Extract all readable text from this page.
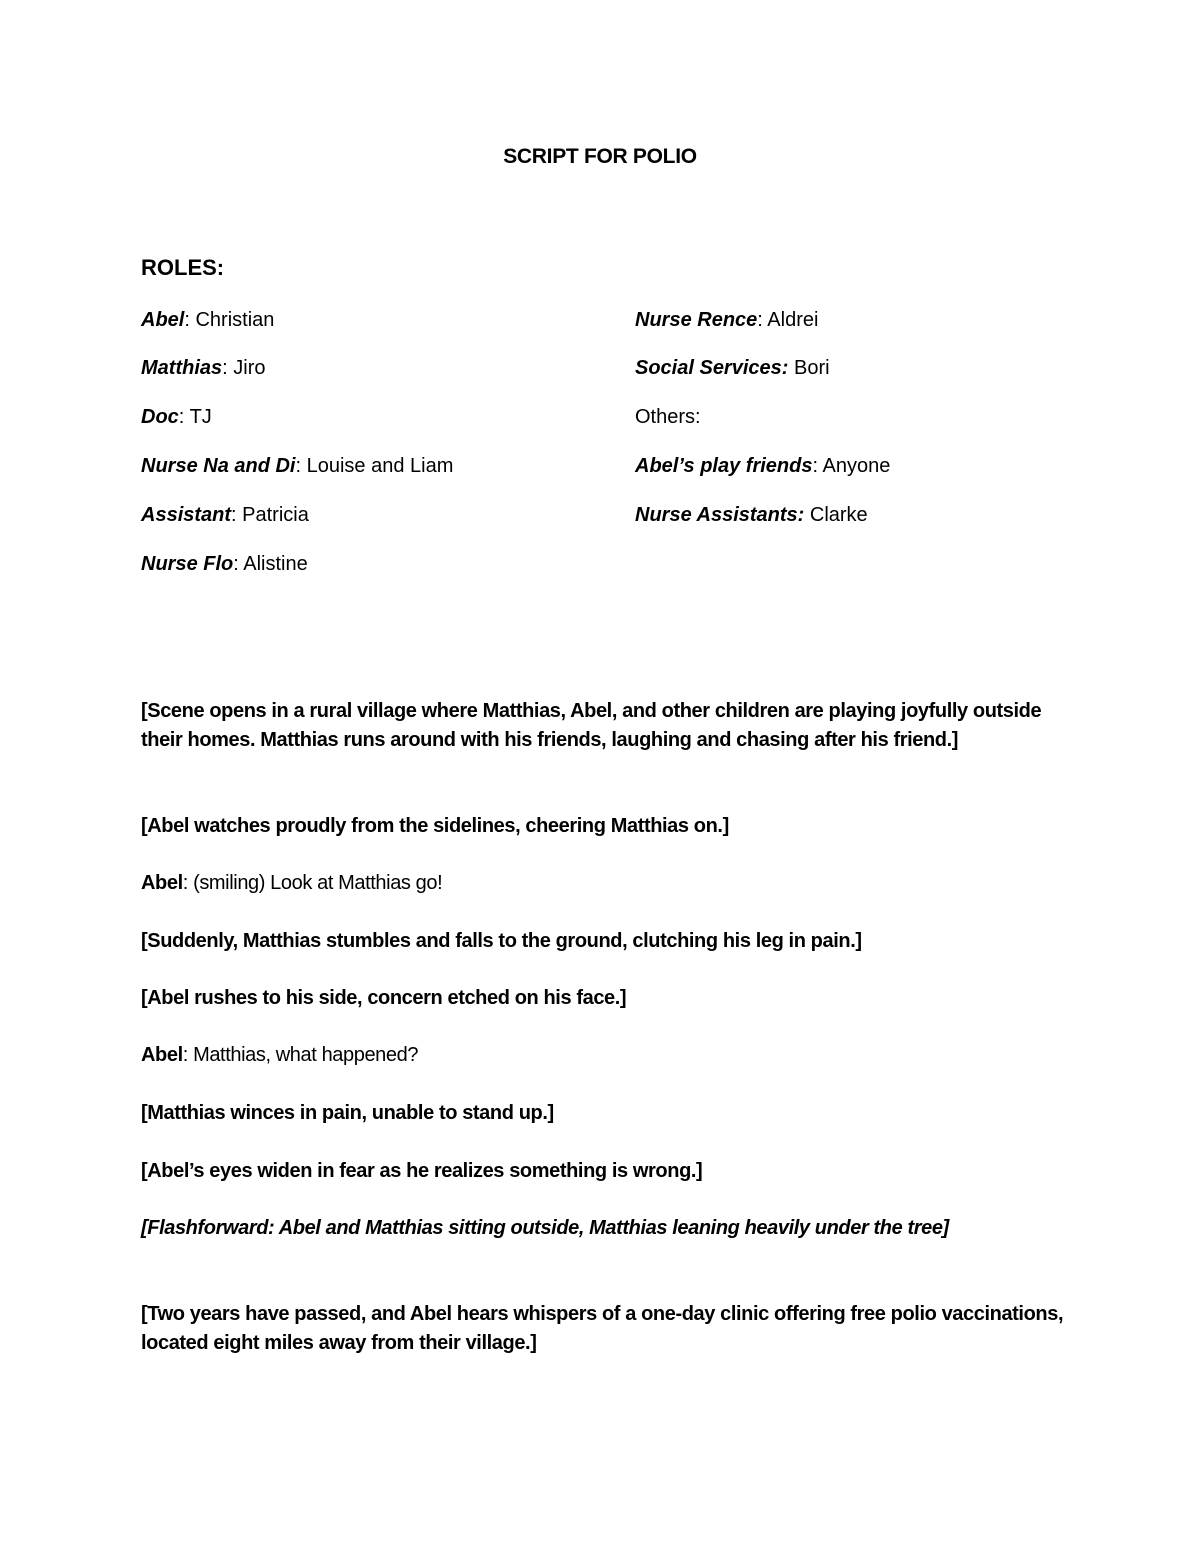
SCRIPT FOR POLIO
ROLES:
Abel: Christian
Matthias: Jiro
Doc: TJ
Nurse Na and Di: Louise and Liam
Assistant: Patricia
Nurse Flo: Alistine
Nurse Rence: Aldrei
Social Services: Bori
Others:
Abel’s play friends: Anyone
Nurse Assistants: Clarke
[Scene opens in a rural village where Matthias, Abel, and other children are playing joyfully outside their homes. Matthias runs around with his friends, laughing and chasing after his friend.]
[Abel watches proudly from the sidelines, cheering Matthias on.]
Abel: (smiling) Look at Matthias go!
[Suddenly, Matthias stumbles and falls to the ground, clutching his leg in pain.]
[Abel rushes to his side, concern etched on his face.]
Abel: Matthias, what happened?
[Matthias winces in pain, unable to stand up.]
[Abel’s eyes widen in fear as he realizes something is wrong.]
[Flashforward: Abel and Matthias sitting outside, Matthias leaning heavily under the tree]
[Two years have passed, and Abel hears whispers of a one-day clinic offering free polio vaccinations, located eight miles away from their village.]
